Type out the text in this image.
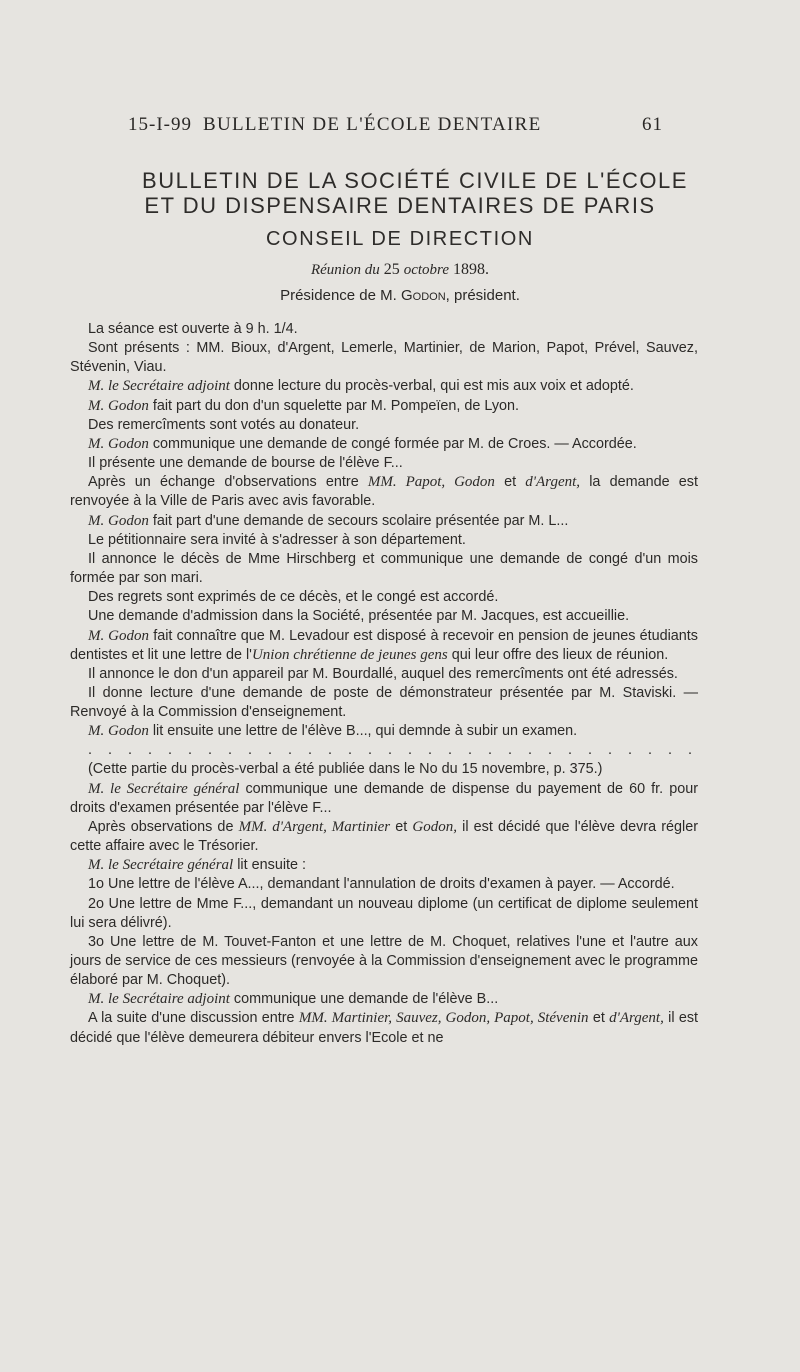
15-I-99 BULLETIN DE L'ÉCOLE DENTAIRE	61
BULLETIN DE LA SOCIÉTÉ CIVILE DE L'ÉCOLE
ET DU DISPENSAIRE DENTAIRES DE PARIS
CONSEIL DE DIRECTION
Réunion du 25 octobre 1898.
Présidence de M. Godon, président.

La séance est ouverte à 9 h. 1/4.

Sont présents : MM. Bioux, d'Argent, Lemerle, Martinier, de Marion, Papot, Prével, Sauvez, Stévenin, Viau.

M. le Secrétaire adjoint donne lecture du procès-verbal, qui est mis aux voix et adopté.

M. Godon fait part du don d'un squelette par M. Pompeïen, de Lyon.

Des remercîments sont votés au donateur.

M. Godon communique une demande de congé formée par M. de Croes. — Accordée.

Il présente une demande de bourse de l'élève F...

Après un échange d'observations entre MM. Papot, Godon et d'Argent, la demande est renvoyée à la Ville de Paris avec avis favorable.

M. Godon fait part d'une demande de secours scolaire présentée par M. L...

Le pétitionnaire sera invité à s'adresser à son département.

Il annonce le décès de Mme Hirschberg et communique une demande de congé d'un mois formée par son mari.

Des regrets sont exprimés de ce décès, et le congé est accordé.

Une demande d'admission dans la Société, présentée par M. Jacques, est accueillie.

M. Godon fait connaître que M. Levadour est disposé à recevoir en pension de jeunes étudiants dentistes et lit une lettre de l'Union chrétienne de jeunes gens qui leur offre des lieux de réunion.

Il annonce le don d'un appareil par M. Bourdallé, auquel des remercîments ont été adressés.

Il donne lecture d'une demande de poste de démonstrateur présentée par M. Staviski. — Renvoyé à la Commission d'enseignement.

M. Godon lit ensuite une lettre de l'élève B..., qui demnde à subir un examen.

. . . . . . . . . . . . . . . . . . . . . . . . . . . . . . .

(Cette partie du procès-verbal a été publiée dans le No du 15 novembre, p. 375.)

M. le Secrétaire général communique une demande de dispense du payement de 60 fr. pour droits d'examen présentée par l'élève F...

Après observations de MM. d'Argent, Martinier et Godon, il est décidé que l'élève devra régler cette affaire avec le Trésorier.

M. le Secrétaire général lit ensuite :

1o Une lettre de l'élève A..., demandant l'annulation de droits d'examen à payer. — Accordé.

2o Une lettre de Mme F..., demandant un nouveau diplome (un certificat de diplome seulement lui sera délivré).

3o Une lettre de M. Touvet-Fanton et une lettre de M. Choquet, relatives l'une et l'autre aux jours de service de ces messieurs (renvoyée à la Commission d'enseignement avec le programme élaboré par M. Choquet).

M. le Secrétaire adjoint communique une demande de l'élève B...

A la suite d'une discussion entre MM. Martinier, Sauvez, Godon, Papot, Stévenin et d'Argent, il est décidé que l'élève demeurera débiteur envers l'Ecole et ne
